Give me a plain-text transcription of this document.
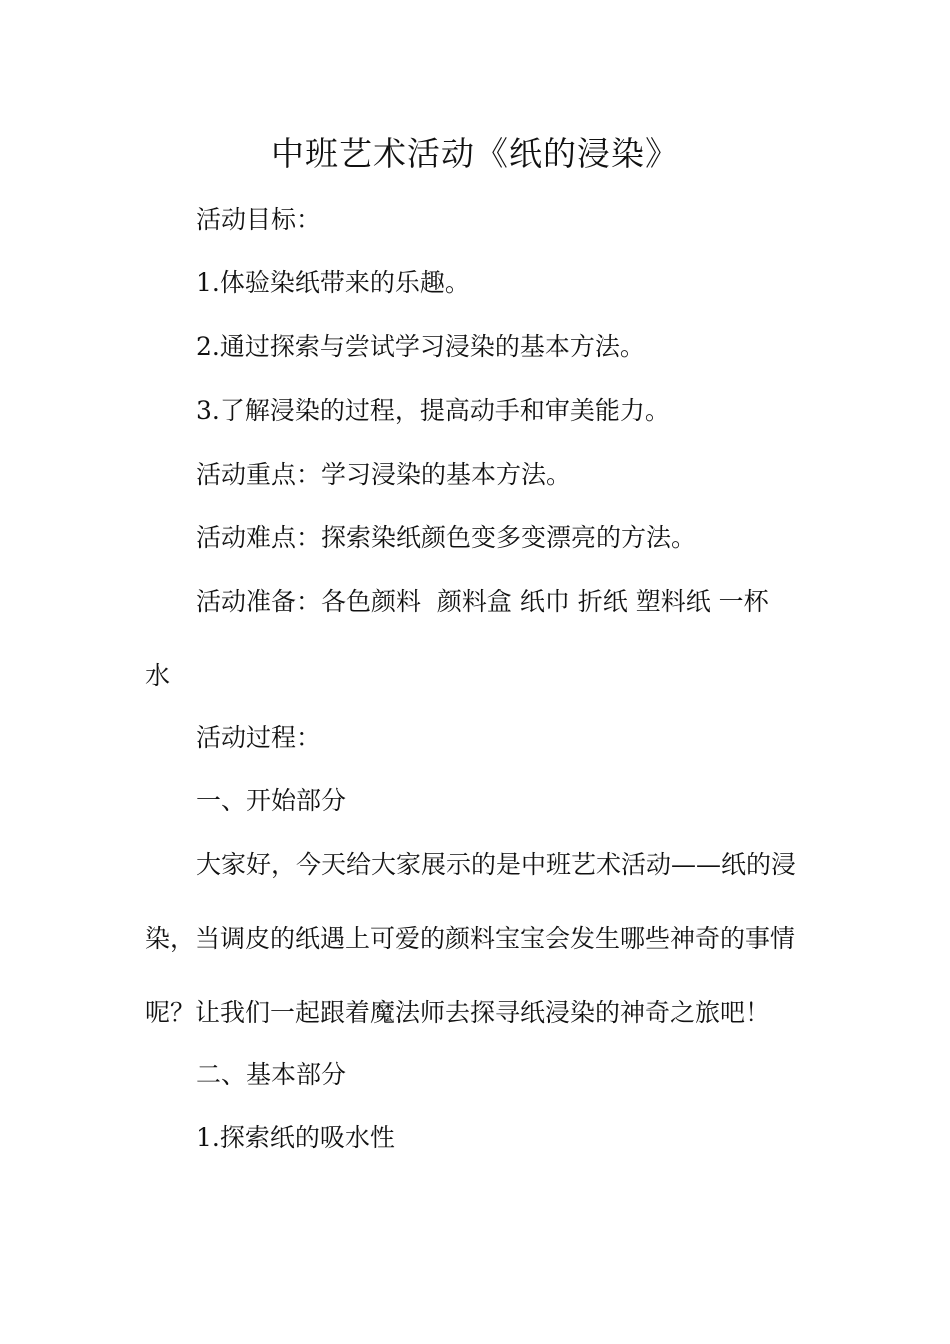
中班艺术活动《纸的浸染》
活动目标：
1.体验染纸带来的乐趣。
2.通过探索与尝试学习浸染的基本方法。
3.了解浸染的过程，提高动手和审美能力。
活动重点：学习浸染的基本方法。
活动难点：探索染纸颜色变多变漂亮的方法。
活动准备：各色颜料  颜料盒 纸巾 折纸 塑料纸 一杯
水
活动过程：
一、开始部分
大家好，今天给大家展示的是中班艺术活动——纸的浸
染，当调皮的纸遇上可爱的颜料宝宝会发生哪些神奇的事情
呢？让我们一起跟着魔法师去探寻纸浸染的神奇之旅吧！
二、基本部分
1.探索纸的吸水性
